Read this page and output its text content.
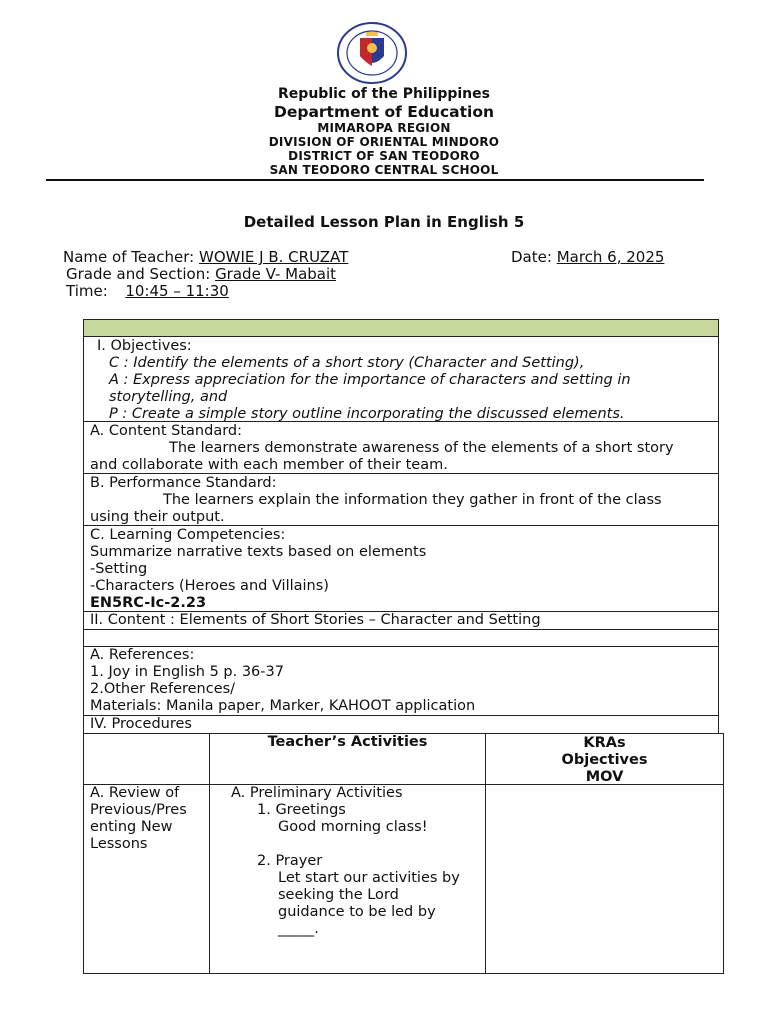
Republic of the Philippines
Department of Education
MIMAROPA REGION
DIVISION OF ORIENTAL MINDORO
DISTRICT OF SAN TEODORO
SAN TEODORO CENTRAL SCHOOL
Detailed Lesson Plan in English 5
Name of Teacher: WOWIE J B. CRUZAT	Date: March 6, 2025
Grade and Section: Grade V- Mabait
Time: 10:45 – 11:30
I. Objectives:
C : Identify the elements of a short story (Character and Setting),
A : Express appreciation for the importance of characters and setting in
storytelling, and
P : Create a simple story outline incorporating the discussed elements.
A. Content Standard:
The learners demonstrate awareness of the elements of a short story
and collaborate with each member of their team.
B. Performance Standard:
The learners explain the information they gather in front of the class
using their output.
C. Learning Competencies:
Summarize narrative texts based on elements
-Setting
-Characters (Heroes and Villains)
EN5RC-Ic-2.23
II. Content : Elements of Short Stories – Character and Setting
A. References:
1. Joy in English 5 p. 36-37
2.Other References/
Materials: Manila paper, Marker, KAHOOT application
IV. Procedures
Teacher’s Activities	KRAs
Objectives
MOV
A. Review of
Previous/Pres
enting New
Lessons
A. Preliminary Activities
1. Greetings
Good morning class!
2. Prayer
Let start our activities by
seeking the Lord
guidance to be led by
_____.
